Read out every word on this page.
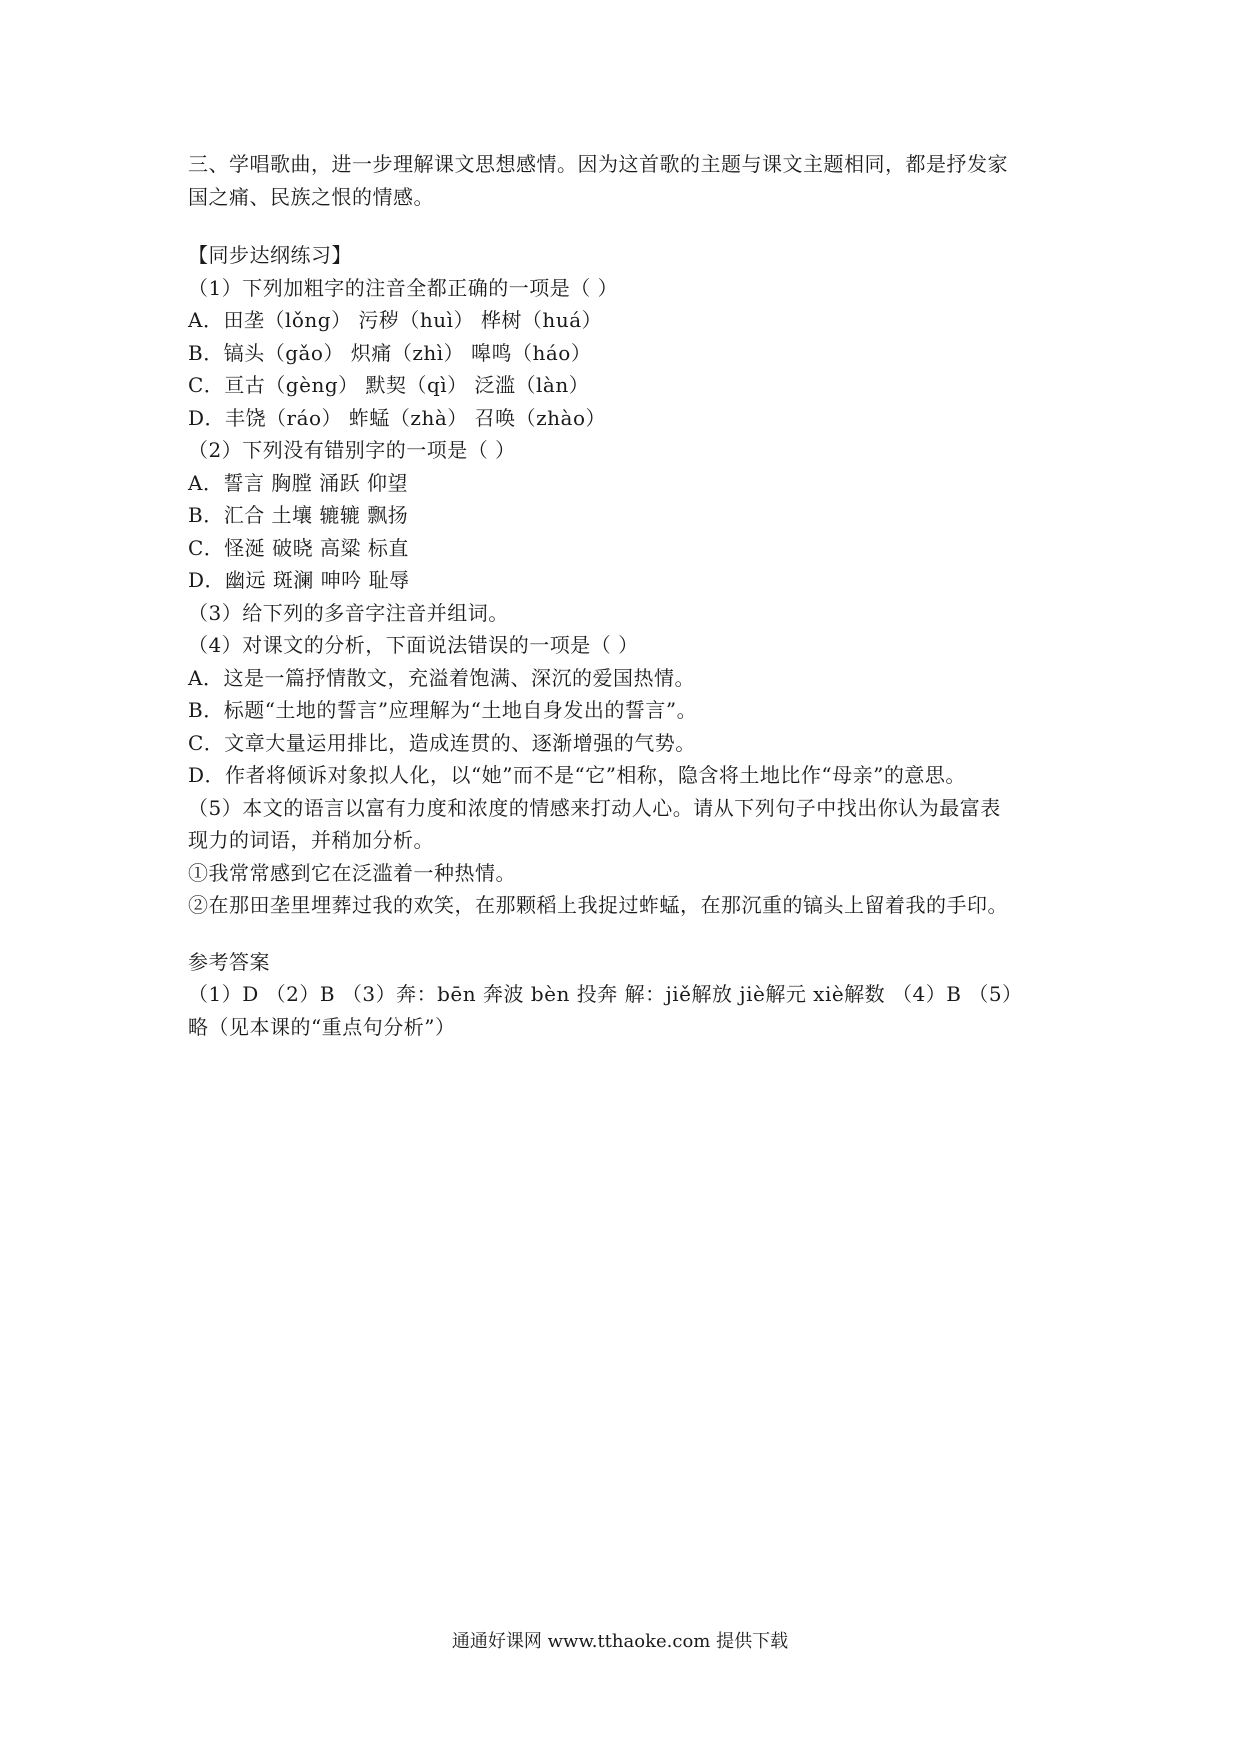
三、学唱歌曲，进一步理解课文思想感情。因为这首歌的主题与课文主题相同，都是抒发家
国之痛、民族之恨的情感。
【同步达纲练习】
（1）下列加粗字的注音全都正确的一项是（ ）
A．田垄（lǒng） 污秽（huì） 桦树（huá）
B．镐头（gǎo） 炽痛（zhì） 嗥鸣（háo）
C．亘古（gèng） 默契（qì） 泛滥（làn）
D．丰饶（ráo） 蚱蜢（zhà） 召唤（zhào）
（2）下列没有错别字的一项是（ ）
A．誓言 胸膛 涌跃 仰望
B．汇合 土壤 辘辘 飘扬
C．怪涎 破晓 高粱 标直
D．幽远 斑澜 呻吟 耻辱
（3）给下列的多音字注音并组词。
（4）对课文的分析，下面说法错误的一项是（ ）
A．这是一篇抒情散文，充溢着饱满、深沉的爱国热情。
B．标题“土地的誓言”应理解为“土地自身发出的誓言”。
C．文章大量运用排比，造成连贯的、逐渐增强的气势。
D．作者将倾诉对象拟人化，以“她”而不是“它”相称，隐含将土地比作“母亲”的意思。
（5）本文的语言以富有力度和浓度的情感来打动人心。请从下列句子中找出你认为最富表
现力的词语，并稍加分析。
①我常常感到它在泛滥着一种热情。
②在那田垄里埋葬过我的欢笑，在那颗稻上我捉过蚱蜢，在那沉重的镐头上留着我的手印。
参考答案
（1）D （2）B （3）奔：bēn 奔波 bèn 投奔 解：jiě解放 jiè解元 xiè解数 （4）B （5）
略（见本课的“重点句分析”）
通通好课网 www.tthaoke.com 提供下载
